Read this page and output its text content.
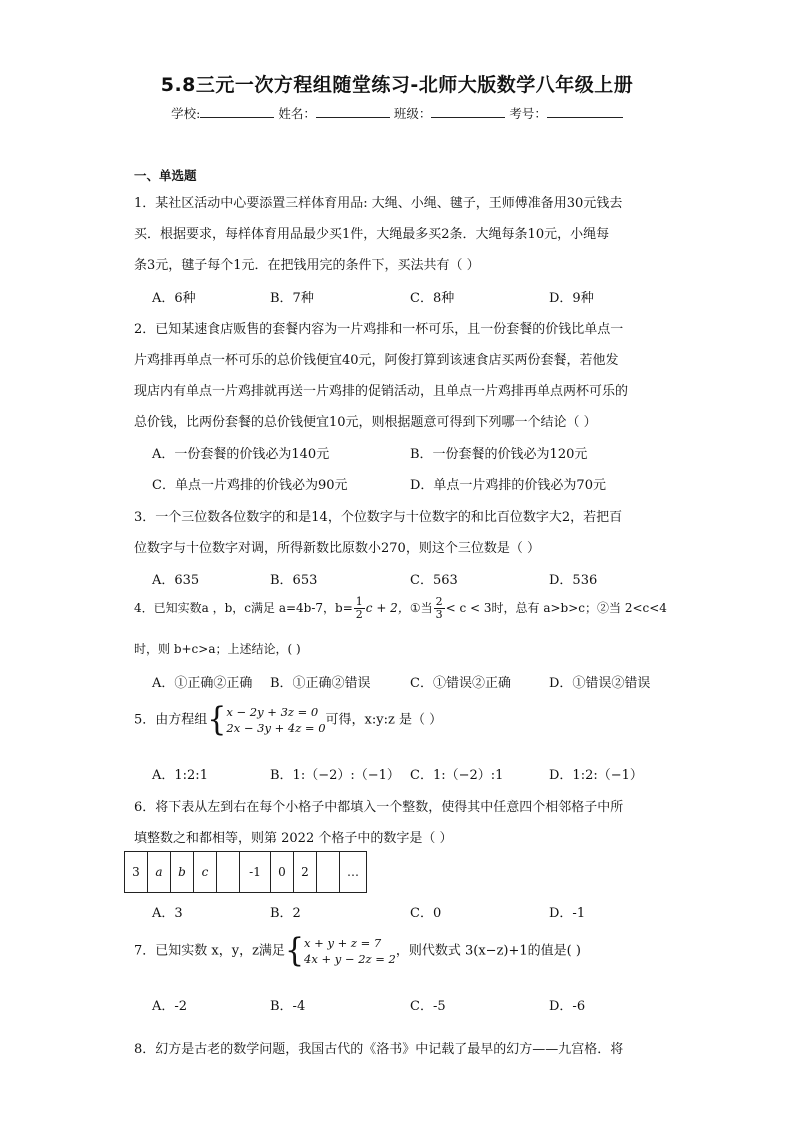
5.8三元一次方程组随堂练习-北师大版数学八年级上册
学校:	姓名：	班级：	考号：
一、单选题
1．某社区活动中心要添置三样体育用品: 大绳、小绳、毽子，王师傅准备用30元钱去
买．根据要求，每样体育用品最少买1件，大绳最多买2条．大绳每条10元，小绳每
条3元，毽子每个1元．在把钱用完的条件下，买法共有（ ）
A．6种	B．7种	C．8种	D．9种
2．已知某速食店贩售的套餐内容为一片鸡排和一杯可乐，且一份套餐的价钱比单点一
片鸡排再单点一杯可乐的总价钱便宜40元，阿俊打算到该速食店买两份套餐，若他发
现店内有单点一片鸡排就再送一片鸡排的促销活动，且单点一片鸡排再单点两杯可乐的
总价钱，比两份套餐的总价钱便宜10元，则根据题意可得到下列哪一个结论（ ）
A．一份套餐的价钱必为140元	B．一份套餐的价钱必为120元
C．单点一片鸡排的价钱必为90元	D．单点一片鸡排的价钱必为70元
3．一个三位数各位数字的和是14，个位数字与十位数字的和比百位数字大2，若把百
位数字与十位数字对调，所得新数比原数小270，则这个三位数是（ ）
A．635	B．653	C．563	D．536
4．已知实数a ，b，c满足 a=4b-7，$b= \frac{1}{2}$ c + 2，①当 $\frac{2}{3} < c < 3$时，总有 a>b>c；②当 2<c<4
时，则 b+c>a；上述结论，( )
A．①正确②正确 B．①正确②错误	C．①错误②正确	D．①错误②错误
5．由方程组{ x − 2y + 3z = 0
2x − 3y + 4z = 0
可得，x:y:z 是（ ）
A．1:2:1	B．1:（−2）:（−1） C．1:（−2）:1	D．1:2:（−1）
6．将下表从左到右在每个小格子中都填入一个整数，使得其中任意四个相邻格子中所
填整数之和都相等，则第 2022 个格子中的数字是（ ）
3	a	b	c		-1	0	2		…
A．3	B．2	C．0	D．-1
7．已知实数 x，y，z满足{ x + y + z = 7
4x + y − 2z = 2
，则代数式 3(x−z)+1的值是( )
A．-2	B．-4	C．-5	D．-6
8．幻方是古老的数学问题，我国古代的《洛书》中记载了最早的幻方——九宫格．将
